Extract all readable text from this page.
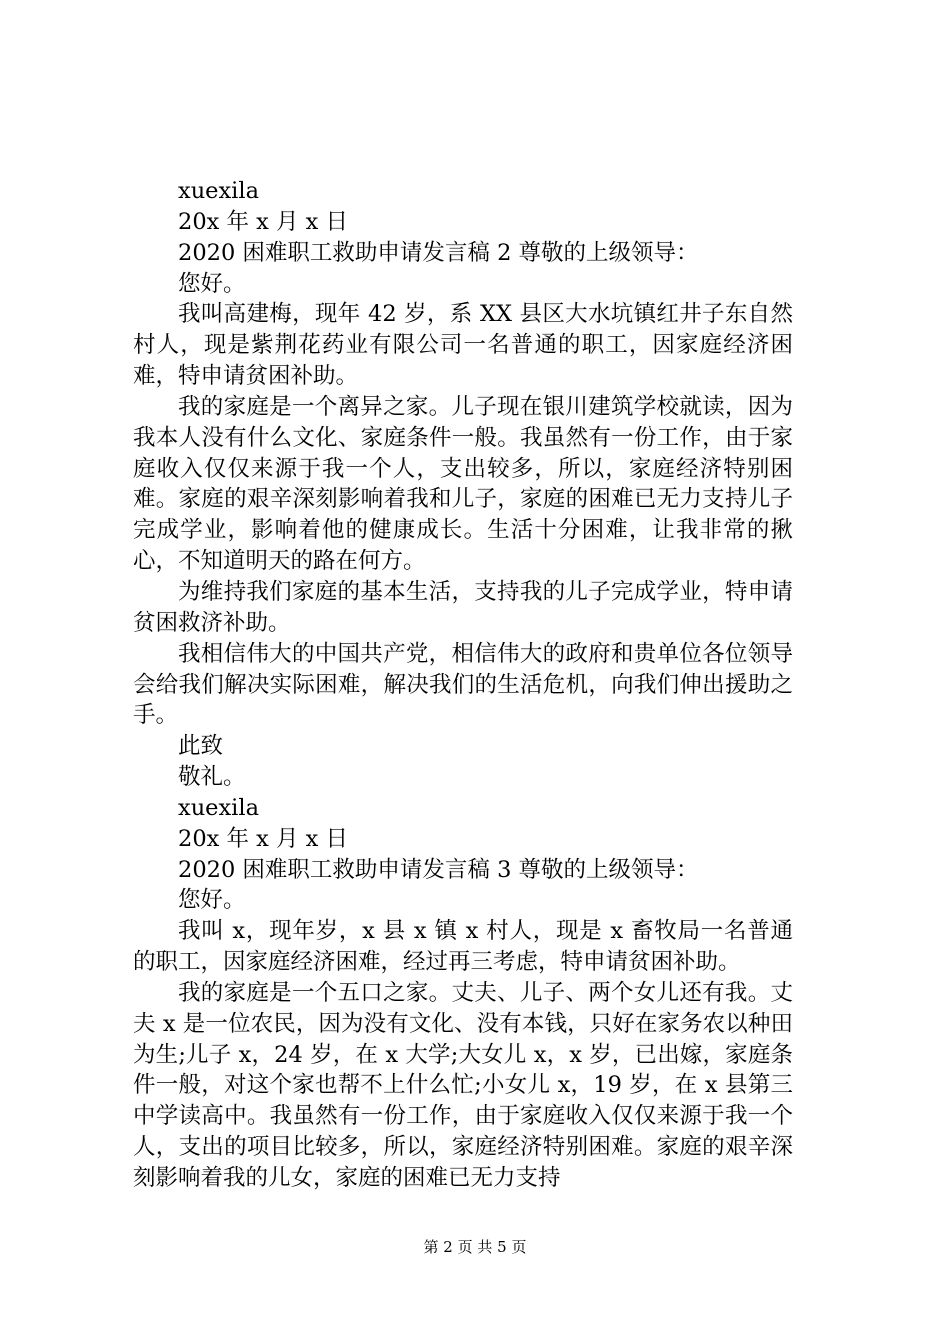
xuexila

20x 年 x 月 x 日

2020 困难职工救助申请发言稿 2 尊敬的上级领导：

您好。

我叫高建梅，现年 42 岁，系 XX 县区大水坑镇红井子东自然村人，现是紫荆花药业有限公司一名普通的职工，因家庭经济困难，特申请贫困补助。

我的家庭是一个离异之家。儿子现在银川建筑学校就读，因为我本人没有什么文化、家庭条件一般。我虽然有一份工作，由于家庭收入仅仅来源于我一个人，支出较多，所以，家庭经济特别困难。家庭的艰辛深刻影响着我和儿子，家庭的困难已无力支持儿子完成学业，影响着他的健康成长。生活十分困难，让我非常的揪心，不知道明天的路在何方。

为维持我们家庭的基本生活，支持我的儿子完成学业，特申请贫困救济补助。

我相信伟大的中国共产党，相信伟大的政府和贵单位各位领导会给我们解决实际困难，解决我们的生活危机，向我们伸出援助之手。

此致

敬礼。

xuexila

20x 年 x 月 x 日

2020 困难职工救助申请发言稿 3 尊敬的上级领导：

您好。

我叫 x，现年岁，x 县 x 镇 x 村人，现是 x 畜牧局一名普通的职工，因家庭经济困难，经过再三考虑，特申请贫困补助。

我的家庭是一个五口之家。丈夫、儿子、两个女儿还有我。丈夫 x 是一位农民，因为没有文化、没有本钱，只好在家务农以种田为生;儿子 x，24 岁，在 x 大学;大女儿 x，x 岁，已出嫁，家庭条件一般，对这个家也帮不上什么忙;小女儿 x，19 岁，在 x 县第三中学读高中。我虽然有一份工作，由于家庭收入仅仅来源于我一个人，支出的项目比较多，所以，家庭经济特别困难。家庭的艰辛深刻影响着我的儿女，家庭的困难已无力支持

第 2 页 共 5 页
